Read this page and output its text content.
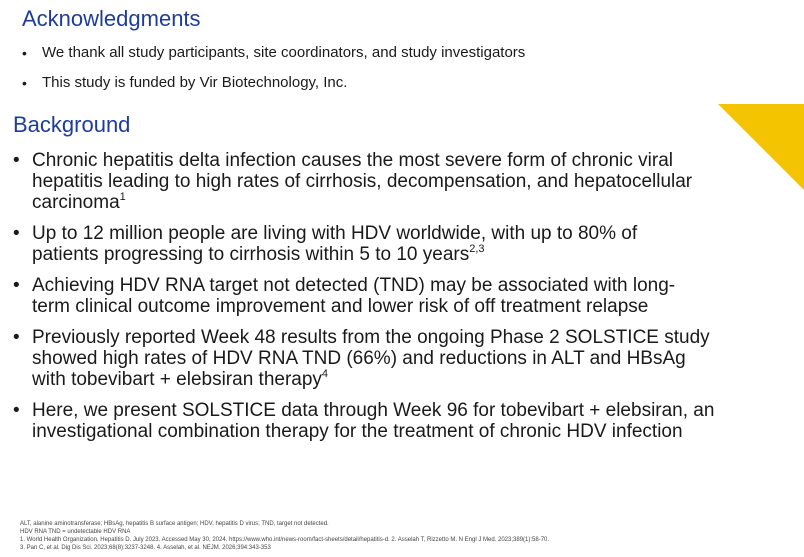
Acknowledgments
• We thank all study participants, site coordinators, and study investigators
• This study is funded by Vir Biotechnology, Inc.
Background
• Chronic hepatitis delta infection causes the most severe form of chronic viral
hepatitis leading to high rates of cirrhosis, decompensation, and hepatocellular
carcinoma$^1$
• Up to 12 million people are living with HDV worldwide, with up to 80% of
patients progressing to cirrhosis within 5 to 10 years$^{2,3}$
• Achieving HDV RNA target not detected (TND) may be associated with long-
term clinical outcome improvement and lower risk of off treatment relapse
• Previously reported Week 48 results from the ongoing Phase 2 SOLSTICE study
showed high rates of HDV RNA TND (66%) and reductions in ALT and HBsAg
with tobevibart + elebsiran therapy$^4$
• Here, we present SOLSTICE data through Week 96 for tobevibart + elebsiran, an
investigational combination therapy for the treatment of chronic HDV infection
ALT, alanine aminotransferase; HBsAg, hepatitis B surface antigen; HDV, hepatitis D virus; TND, target not detected.
HDV RNA TND = undetectable HDV RNA
1. World Health Organization. Hepatitis D. July 2023. Accessed May 30, 2024. https://www.who.int/news-room/fact-sheets/detail/hepatitis-d. 2. Asselah T, Rizzetto M. N Engl J Med. 2023;389(1):58-70.
3. Pan C, et al. Dig Dis Sci. 2023;68(8):3237-3248. 4. Asselah, et al. NEJM. 2026;394:343-353
